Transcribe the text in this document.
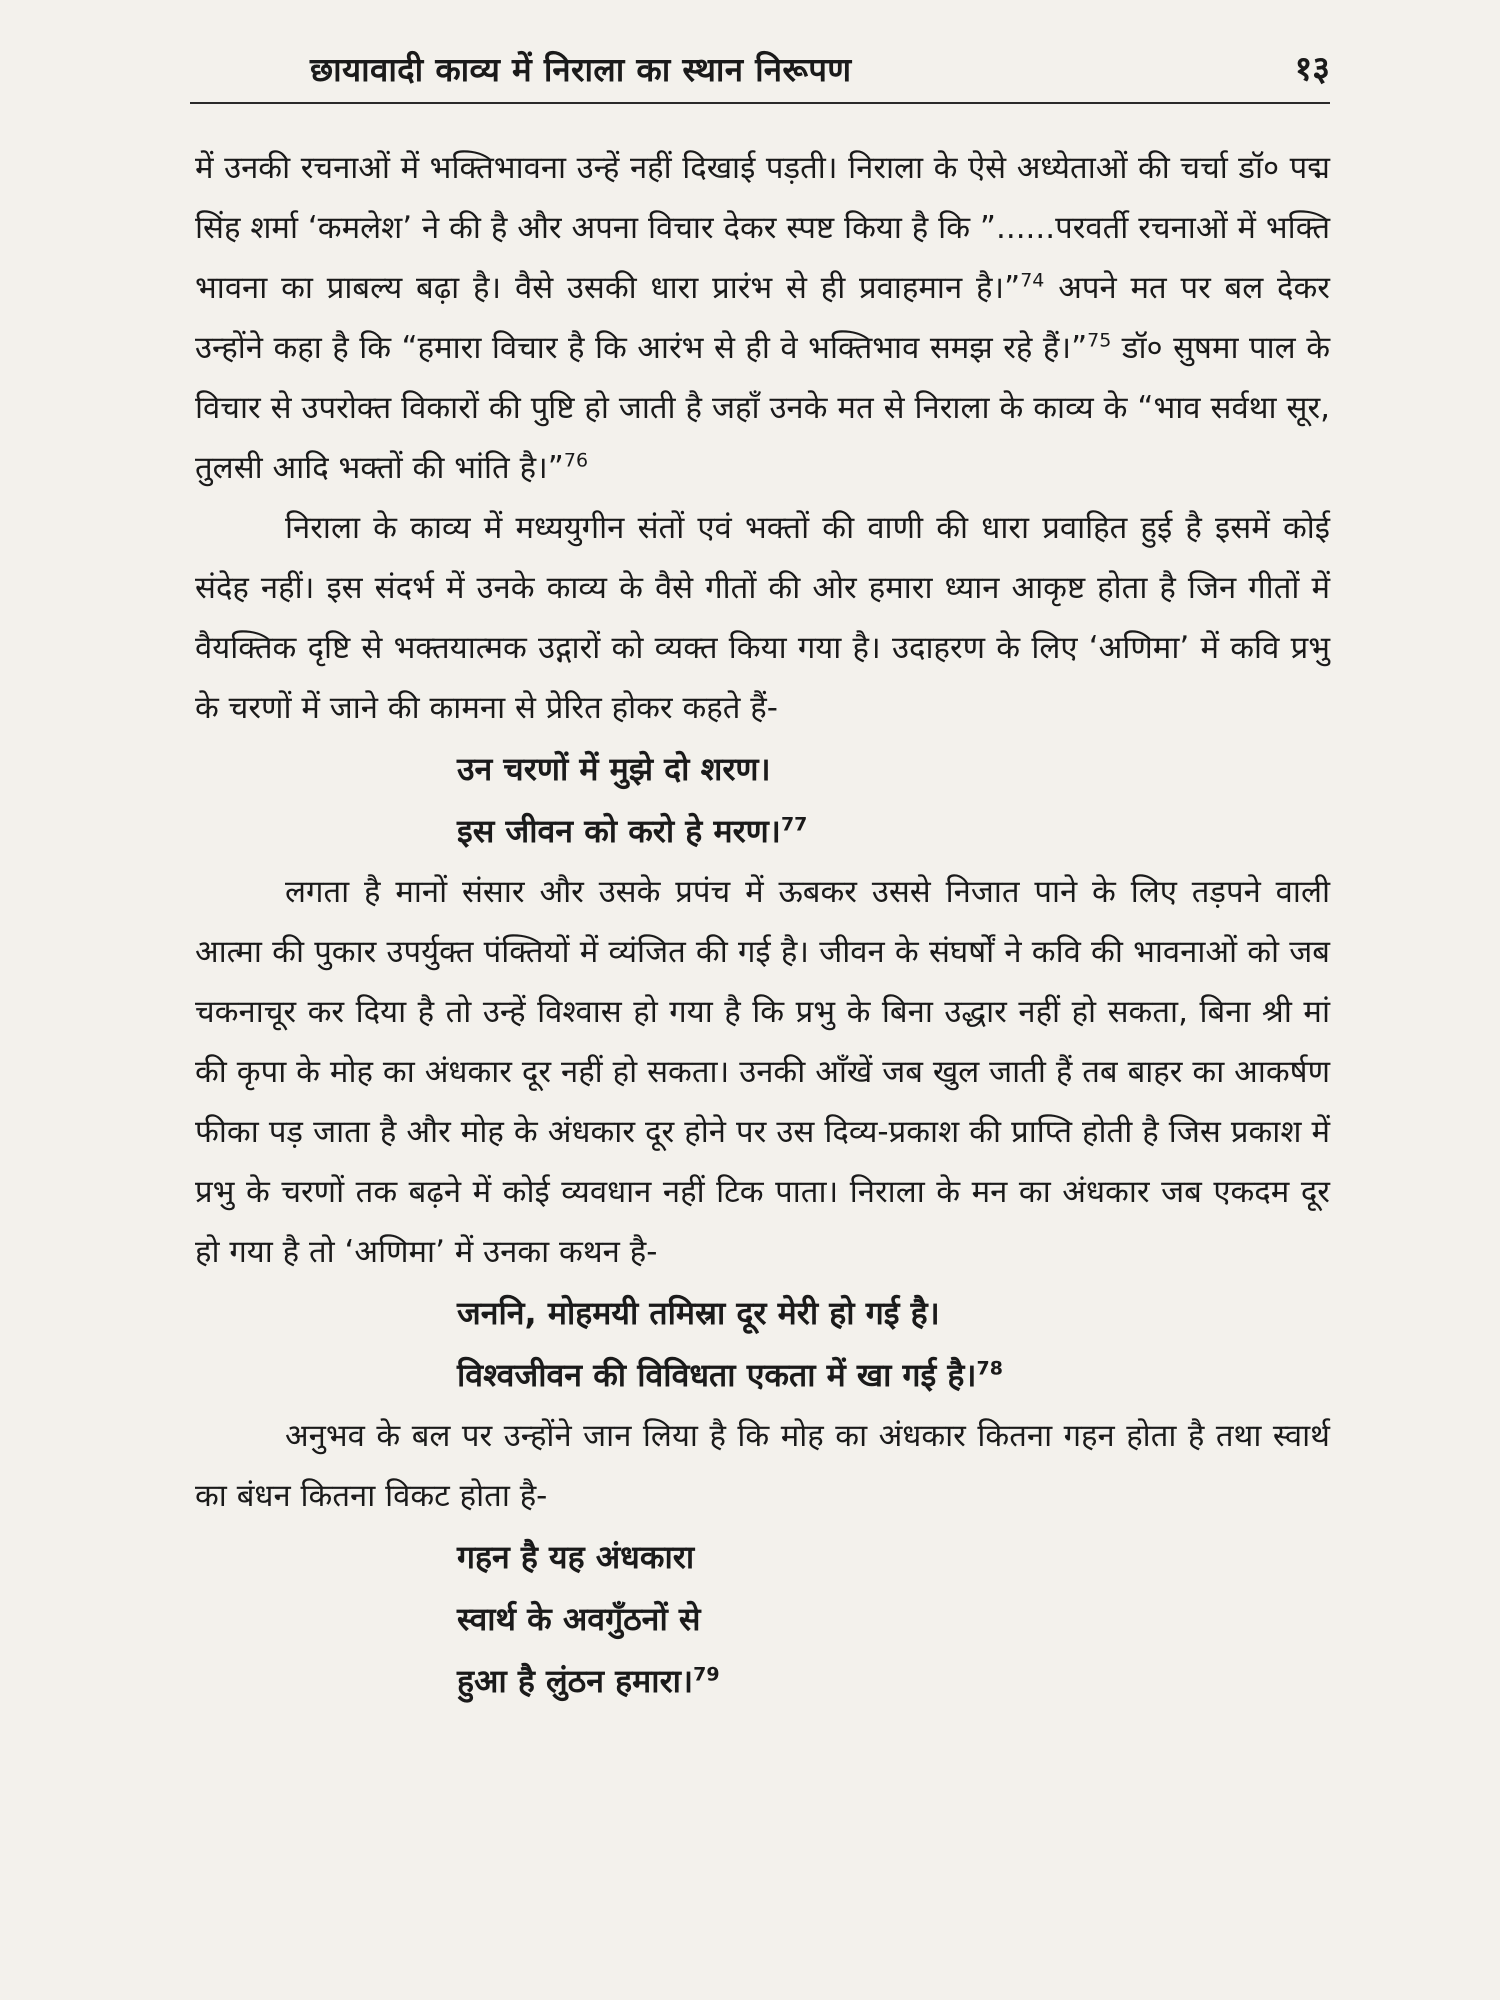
छायावादी काव्य में निराला का स्थान निरूपण	१३

में उनकी रचनाओं में भक्तिभावना उन्हें नहीं दिखाई पड़ती। निराला के ऐसे अध्येताओं की चर्चा डॉ० पद्म सिंह शर्मा ‘कमलेश’ ने की है और अपना विचार देकर स्पष्ट किया है कि ”......परवर्ती रचनाओं में भक्ति भावना का प्राबल्य बढ़ा है। वैसे उसकी धारा प्रारंभ से ही प्रवाहमान है।”$^{74}$ अपने मत पर बल देकर उन्होंने कहा है कि “हमारा विचार है कि आरंभ से ही वे भक्तिभाव समझ रहे हैं।”$^{75}$ डॉ० सुषमा पाल के विचार से उपरोक्त विकारों की पुष्टि हो जाती है जहाँ उनके मत से निराला के काव्य के “भाव सर्वथा सूर, तुलसी आदि भक्तों की भांति है।”$^{76}$

निराला के काव्य में मध्ययुगीन संतों एवं भक्तों की वाणी की धारा प्रवाहित हुई है इसमें कोई संदेह नहीं। इस संदर्भ में उनके काव्य के वैसे गीतों की ओर हमारा ध्यान आकृष्ट होता है जिन गीतों में वैयक्तिक दृष्टि से भक्तयात्मक उद्गारों को व्यक्त किया गया है। उदाहरण के लिए ‘अणिमा’ में कवि प्रभु के चरणों में जाने की कामना से प्रेरित होकर कहते हैं-

उन चरणों में मुझे दो शरण।

इस जीवन को करो हे मरण।$^{77}$

लगता है मानों संसार और उसके प्रपंच में ऊबकर उससे निजात पाने के लिए तड़पने वाली आत्मा की पुकार उपर्युक्त पंक्तियों में व्यंजित की गई है। जीवन के संघर्षों ने कवि की भावनाओं को जब चकनाचूर कर दिया है तो उन्हें विश्वास हो गया है कि प्रभु के बिना उद्धार नहीं हो सकता, बिना श्री मां की कृपा के मोह का अंधकार दूर नहीं हो सकता। उनकी आँखें जब खुल जाती हैं तब बाहर का आकर्षण फीका पड़ जाता है और मोह के अंधकार दूर होने पर उस दिव्य-प्रकाश की प्राप्ति होती है जिस प्रकाश में प्रभु के चरणों तक बढ़ने में कोई व्यवधान नहीं टिक पाता। निराला के मन का अंधकार जब एकदम दूर हो गया है तो ‘अणिमा’ में उनका कथन है-

जननि, मोहमयी तमिस्रा दूर मेरी हो गई है।

विश्वजीवन की विविधता एकता में खा गई है।$^{78}$

अनुभव के बल पर उन्होंने जान लिया है कि मोह का अंधकार कितना गहन होता है तथा स्वार्थ का बंधन कितना विकट होता है-

गहन है यह अंधकारा

स्वार्थ के अवगुँठनों से

हुआ है लुंठन हमारा।$^{79}$
